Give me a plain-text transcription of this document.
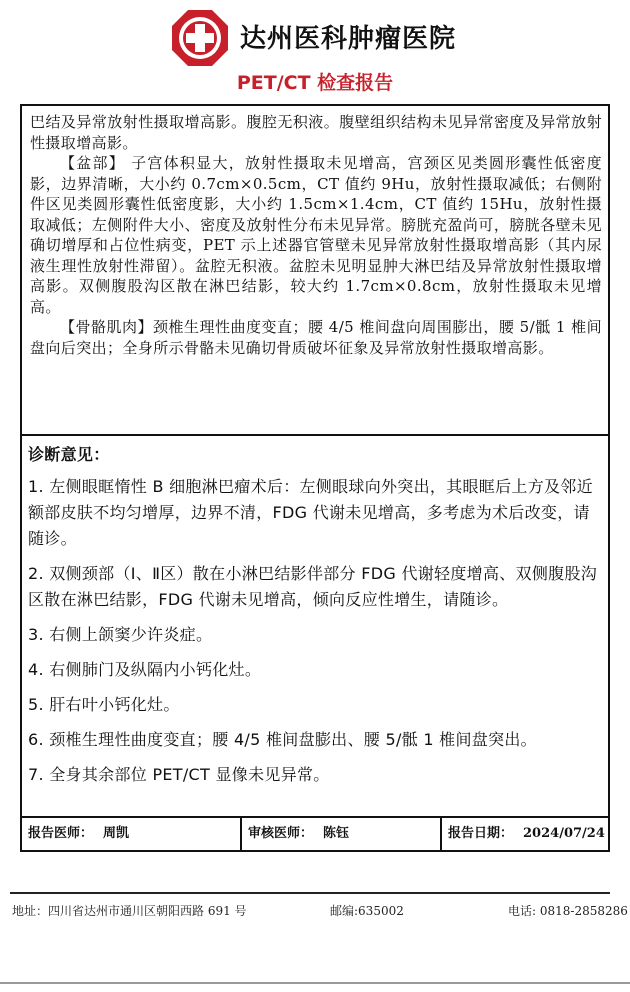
达州医科肿瘤医院
PET/CT 检查报告

巴结及异常放射性摄取增高影。腹腔无积液。腹壁组织结构未见异常密度及异常放射性摄取增高影。

【盆部】 子宫体积显大，放射性摄取未见增高，宫颈区见类圆形囊性低密度影，边界清晰，大小约 0.7cm×0.5cm，CT 值约 9Hu，放射性摄取减低；右侧附件区见类圆形囊性低密度影，大小约 1.5cm×1.4cm，CT 值约 15Hu，放射性摄取减低；左侧附件大小、密度及放射性分布未见异常。膀胱充盈尚可，膀胱各壁未见确切增厚和占位性病变，PET 示上述器官管壁未见异常放射性摄取增高影（其内尿液生理性放射性滞留）。盆腔无积液。盆腔未见明显肿大淋巴结及异常放射性摄取增高影。双侧腹股沟区散在淋巴结影，较大约 1.7cm×0.8cm，放射性摄取未见增高。

【骨骼肌肉】颈椎生理性曲度变直；腰 4/5 椎间盘向周围膨出，腰 5/骶 1 椎间盘向后突出；全身所示骨骼未见确切骨质破坏征象及异常放射性摄取增高影。

诊断意见：

1. 左侧眼眶惰性 B 细胞淋巴瘤术后：左侧眼球向外突出，其眼眶后上方及邻近额部皮肤不均匀增厚，边界不清，FDG 代谢未见增高，多考虑为术后改变，请随诊。

2. 双侧颈部（Ⅰ、Ⅱ区）散在小淋巴结影伴部分 FDG 代谢轻度增高、双侧腹股沟区散在淋巴结影，FDG 代谢未见增高，倾向反应性增生，请随诊。

3. 右侧上颌窦少许炎症。

4. 右侧肺门及纵隔内小钙化灶。

5. 肝右叶小钙化灶。

6. 颈椎生理性曲度变直；腰 4/5 椎间盘膨出、腰 5/骶 1 椎间盘突出。

7. 全身其余部位 PET/CT 显像未见异常。

报告医师： 周凯	审核医师： 陈钰	报告日期： 2024/07/24
地址：四川省达州市通川区朝阳西路 691 号	邮编:635002	电话: 0818-2858286
